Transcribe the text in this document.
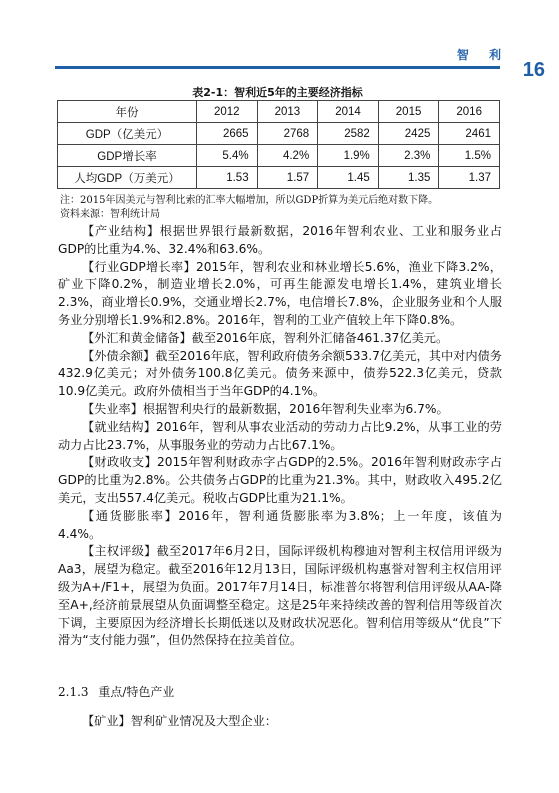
智 利
16
表2-1：智利近5年的主要经济指标
年份	2012	2013	2014	2015	2016
GDP（亿美元）	2665	2768	2582	2425	2461
GDP增长率	5.4%	4.2%	1.9%	2.3%	1.5%
人均GDP（万美元）	1.53	1.57	1.45	1.35	1.37
注：2015年因美元与智利比索的汇率大幅增加，所以GDP折算为美元后绝对数下降。
资料来源：智利统计局

【产业结构】根据世界银行最新数据，2016年智利农业、工业和服务业占GDP的比重为4.%、32.4%和63.6%。

【行业GDP增长率】2015年，智利农业和林业增长5.6%，渔业下降3.2%，矿业下降0.2%，制造业增长2.0%，可再生能源发电增长1.4%，建筑业增长2.3%，商业增长0.9%，交通业增长2.7%，电信增长7.8%，企业服务业和个人服务业分别增长1.9%和2.8%。2016年，智利的工业产值较上年下降0.8%。

【外汇和黄金储备】截至2016年底，智利外汇储备461.37亿美元。

【外债余额】截至2016年底，智利政府债务余额533.7亿美元，其中对内债务432.9亿美元；对外债务100.8亿美元。债务来源中，债券522.3亿美元，贷款10.9亿美元。政府外债相当于当年GDP的4.1%。

【失业率】根据智利央行的最新数据，2016年智利失业率为6.7%。

【就业结构】2016年，智利从事农业活动的劳动力占比9.2%，从事工业的劳动力占比23.7%，从事服务业的劳动力占比67.1%。

【财政收支】2015年智利财政赤字占GDP的2.5%。2016年智利财政赤字占GDP的比重为2.8%。公共债务占GDP的比重为21.3%。其中，财政收入495.2亿美元，支出557.4亿美元。税收占GDP比重为21.1%。

【通货膨胀率】2016年，智利通货膨胀率为3.8%；上一年度，该值为4.4%。

【主权评级】截至2017年6月2日，国际评级机构穆迪对智利主权信用评级为Aa3，展望为稳定。截至2016年12月13日，国际评级机构惠誉对智利主权信用评级为A+/F1+，展望为负面。2017年7月14日，标准普尔将智利信用评级从AA-降至A+,经济前景展望从负面调整至稳定。这是25年来持续改善的智利信用等级首次下调，主要原因为经济增长长期低迷以及财政状况恶化。智利信用等级从“优良”下滑为“支付能力强”，但仍然保持在拉美首位。

2.1.3 重点/特色产业
【矿业】智利矿业情况及大型企业：
